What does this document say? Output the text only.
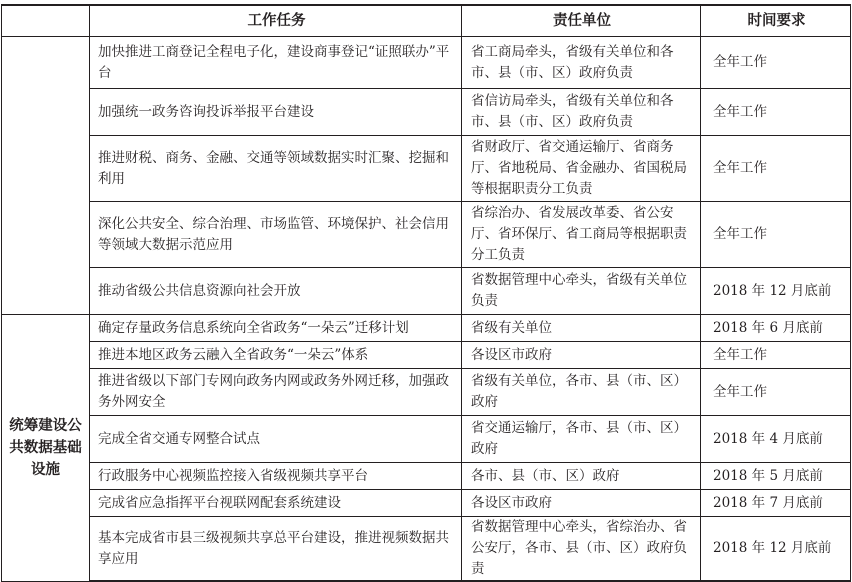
	工作任务	责任单位	时间要求
	加快推进工商登记全程电子化，建设商事登记“证照联办”平台	省工商局牵头，省级有关单位和各市、县（市、区）政府负责	全年工作
	加强统一政务咨询投诉举报平台建设	省信访局牵头，省级有关单位和各市、县（市、区）政府负责	全年工作
	推进财税、商务、金融、交通等领域数据实时汇聚、挖掘和利用	省财政厅、省交通运输厅、省商务厅、省地税局、省金融办、省国税局等根据职责分工负责	全年工作
	深化公共安全、综合治理、市场监管、环境保护、社会信用等领域大数据示范应用	省综治办、省发展改革委、省公安厅、省环保厅、省工商局等根据职责分工负责	全年工作
	推动省级公共信息资源向社会开放	省数据管理中心牵头，省级有关单位负责	2018 年 12 月底前
统筹建设公共数据基础设施	确定存量政务信息系统向全省政务“一朵云”迁移计划	省级有关单位	2018 年 6 月底前
	推进本地区政务云融入全省政务“一朵云”体系	各设区市政府	全年工作
	推进省级以下部门专网向政务内网或政务外网迁移，加强政务外网安全	省级有关单位，各市、县（市、区）政府	全年工作
	完成全省交通专网整合试点	省交通运输厅，各市、县（市、区）政府	2018 年 4 月底前
	行政服务中心视频监控接入省级视频共享平台	各市、县（市、区）政府	2018 年 5 月底前
	完成省应急指挥平台视联网配套系统建设	各设区市政府	2018 年 7 月底前
	基本完成省市县三级视频共享总平台建设，推进视频数据共享应用	省数据管理中心牵头，省综治办、省公安厅，各市、县（市、区）政府负责	2018 年 12 月底前
